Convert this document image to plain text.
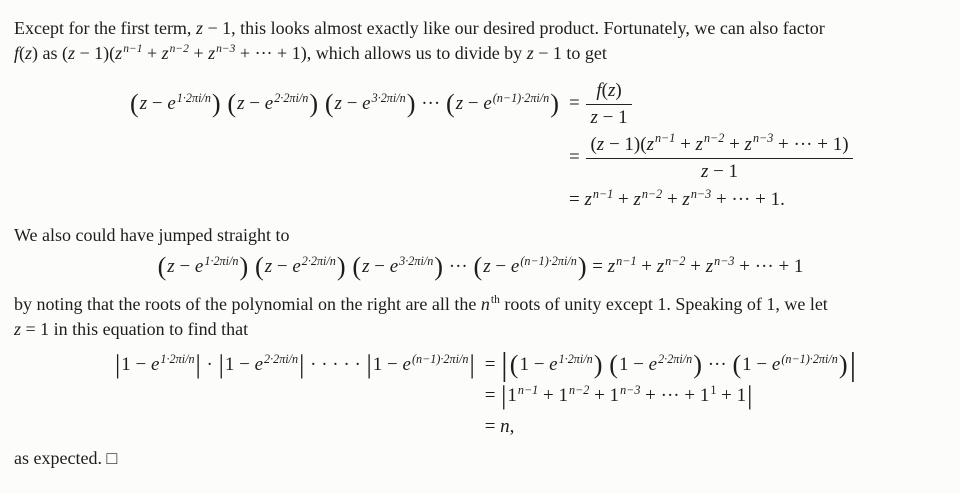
Except for the first term, z − 1, this looks almost exactly like our desired product. Fortunately, we can also factor
f(z) as $(z - 1)(z^{n-1} + z^{n-2} + z^{n-3}$ + ··· + 1), which allows us to divide by z − 1 to get

$(z - e^{1\cdot 2\pi i/n})$ $(z - e^{2\cdot 2\pi i/n})$ $(z - e^{3\cdot 2\pi i/n})$ ··· $(z - e^{(n-1)\cdot 2\pi i/n}) = \frac{f(z)}{z - 1}$
= $\frac{(z - 1)(z^{n-1} + z^{n-2} + z^{n-3} + \cdot\cdot\cdot + 1)}{z - 1}$
= $z^{n-1} + z^{n-2} + z^{n-3}$ + ··· + 1.

We also could have jumped straight to

$(z - e^{1\cdot 2\pi i/n})$ $(z - e^{2\cdot 2\pi i/n})$ $(z - e^{3\cdot 2\pi i/n})$ ··· $(z - e^{(n-1)\cdot 2\pi i/n}) = z^{n-1} + z^{n-2} + z^{n-3}$ + ··· + 1

by noting that the roots of the polynomial on the right are all the $n^{th}$ roots of unity except 1. Speaking of 1, we let
z = 1 in this equation to find that

$|1 - e^{1\cdot 2\pi i/n}| \cdot |1 - e^{2\cdot 2\pi i/n}|$ · · · · · $|1 - e^{(n-1)\cdot 2\pi i/n}| = |(1 - e^{1\cdot 2\pi i/n}) (1 - e^{2\cdot 2\pi i/n})$ ··· $(1 - e^{(n-1)\cdot 2\pi i/n})|$
= $|1^{n-1} + 1^{n-2} + 1^{n-3}$ + ··· + $1^1 + 1|$
= n,

as expected. □
